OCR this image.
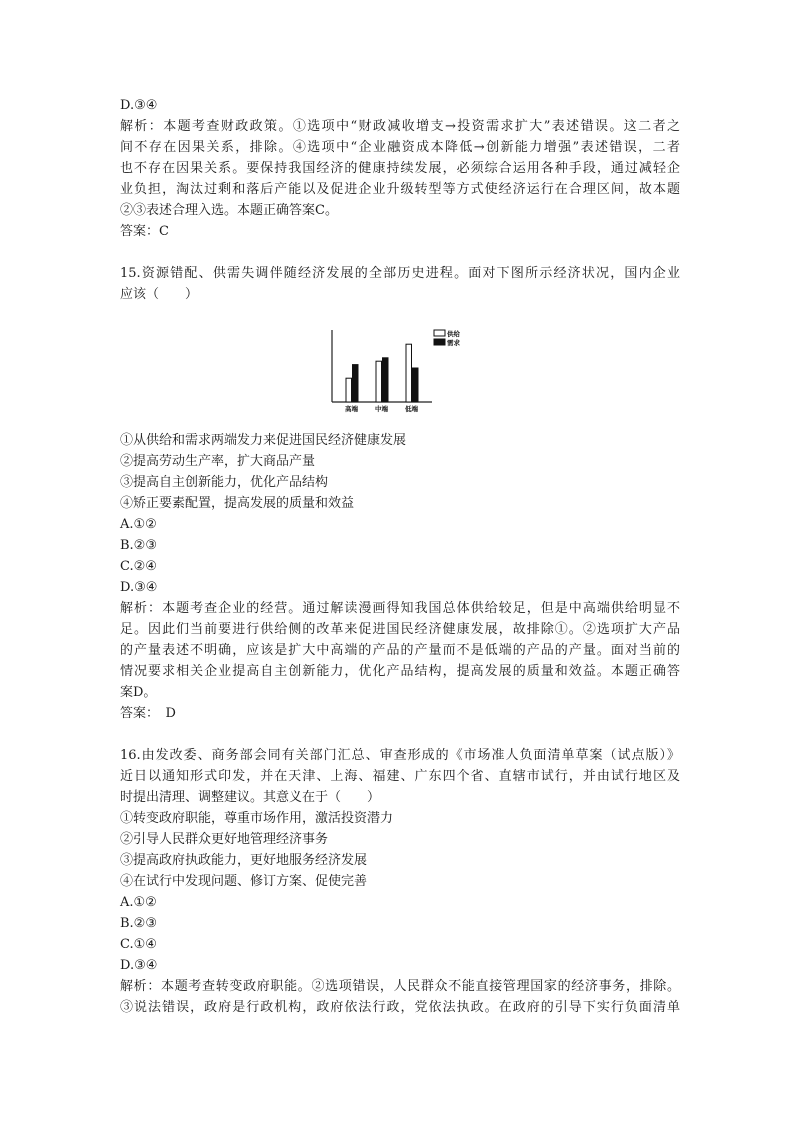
D.③④
解析：本题考查财政政策。①选项中“财政减收增支→投资需求扩大”表述错误。这二者之
间不存在因果关系，排除。④选项中“企业融资成本降低→创新能力增强”表述错误，二者
也不存在因果关系。要保持我国经济的健康持续发展，必须综合运用各种手段，通过减轻企
业负担，淘汰过剩和落后产能以及促进企业升级转型等方式使经济运行在合理区间，故本题
②③表述合理入选。本题正确答案C。
答案：C
15.资源错配、供需失调伴随经济发展的全部历史进程。面对下图所示经济状况，国内企业
应该（　　）
高端	中端	低端
供给
需求
①从供给和需求两端发力来促进国民经济健康发展
②提高劳动生产率，扩大商品产量
③提高自主创新能力，优化产品结构
④矫正要素配置，提高发展的质量和效益
A.①②
B.②③
C.②④
D.③④
解析：本题考查企业的经营。通过解读漫画得知我国总体供给较足，但是中高端供给明显不
足。因此们当前要进行供给侧的改革来促进国民经济健康发展，故排除①。②选项扩大产品
的产量表述不明确，应该是扩大中高端的产品的产量而不是低端的产品的产量。面对当前的
情况要求相关企业提高自主创新能力，优化产品结构，提高发展的质量和效益。本题正确答
案D。
答案：　D
16.由发改委、商务部会同有关部门汇总、审查形成的《市场准人负面清单草案（试点版）》
近日以通知形式印发，并在天津、上海、福建、广东四个省、直辖市试行，并由试行地区及
时提出清理、调整建议。其意义在于（　　）
①转变政府职能，尊重市场作用，激活投资潜力
②引导人民群众更好地管理经济事务
③提高政府执政能力，更好地服务经济发展
④在试行中发现问题、修订方案、促使完善
A.①②
B.②③
C.①④
D.③④
解析：本题考查转变政府职能。②选项错误，人民群众不能直接管理国家的经济事务，排除。
③说法错误，政府是行政机构，政府依法行政，党依法执政。在政府的引导下实行负面清单
